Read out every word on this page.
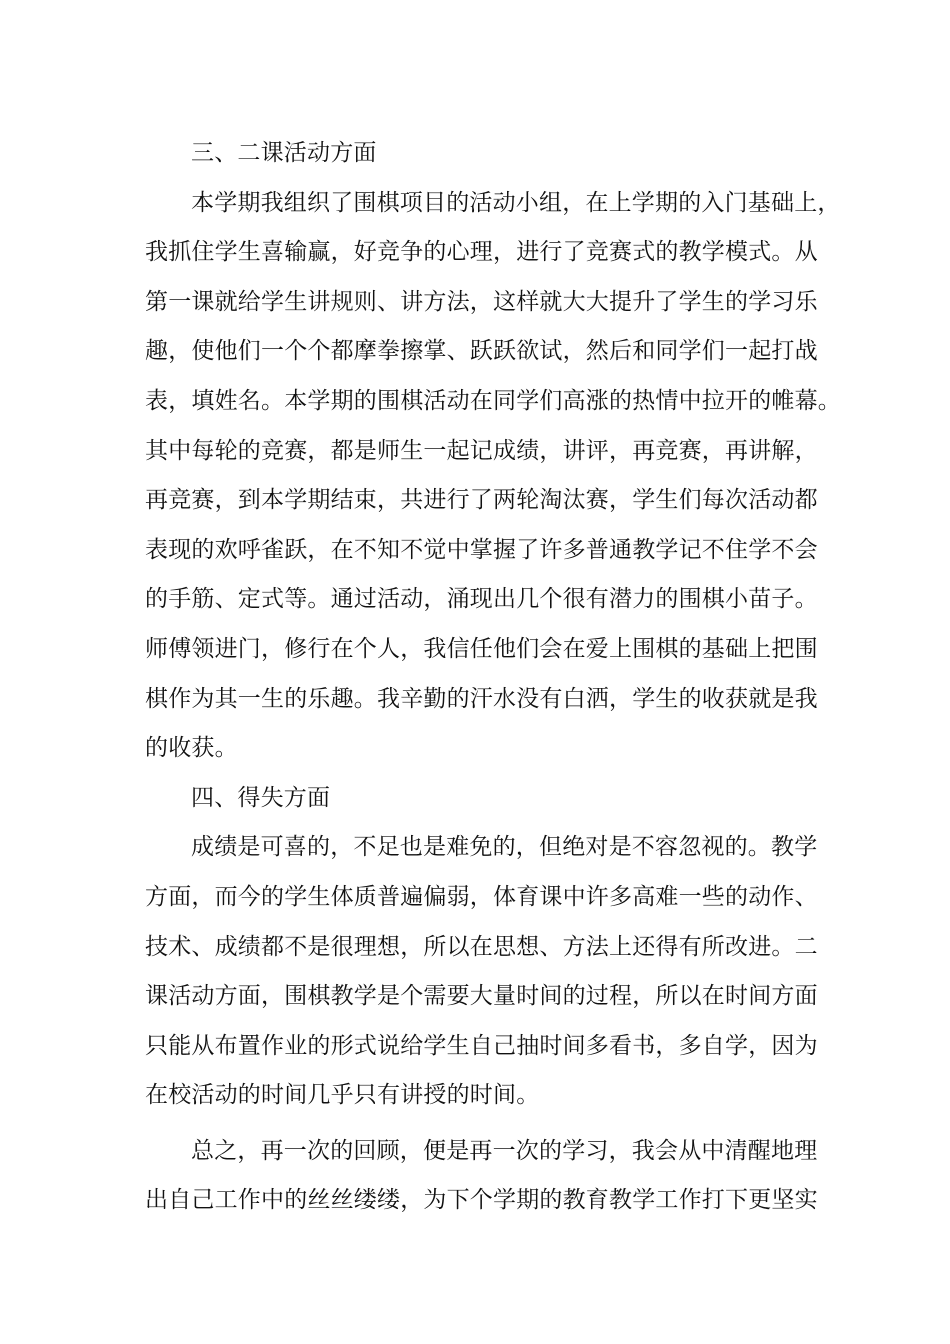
三、二课活动方面
本学期我组织了围棋项目的活动小组，在上学期的入门基础上，
我抓住学生喜输赢，好竞争的心理，进行了竞赛式的教学模式。从
第一课就给学生讲规则、讲方法，这样就大大提升了学生的学习乐
趣，使他们一个个都摩拳擦掌、跃跃欲试，然后和同学们一起打战
表，填姓名。本学期的围棋活动在同学们高涨的热情中拉开的帷幕。
其中每轮的竞赛，都是师生一起记成绩，讲评，再竞赛，再讲解，
再竞赛，到本学期结束，共进行了两轮淘汰赛，学生们每次活动都
表现的欢呼雀跃，在不知不觉中掌握了许多普通教学记不住学不会
的手筋、定式等。通过活动，涌现出几个很有潜力的围棋小苗子。
师傅领进门，修行在个人，我信任他们会在爱上围棋的基础上把围
棋作为其一生的乐趣。我辛勤的汗水没有白洒，学生的收获就是我
的收获。
四、得失方面
成绩是可喜的，不足也是难免的，但绝对是不容忽视的。教学
方面，而今的学生体质普遍偏弱，体育课中许多高难一些的动作、
技术、成绩都不是很理想，所以在思想、方法上还得有所改进。二
课活动方面，围棋教学是个需要大量时间的过程，所以在时间方面
只能从布置作业的形式说给学生自己抽时间多看书，多自学，因为
在校活动的时间几乎只有讲授的时间。
总之，再一次的回顾，便是再一次的学习，我会从中清醒地理
出自己工作中的丝丝缕缕，为下个学期的教育教学工作打下更坚实
